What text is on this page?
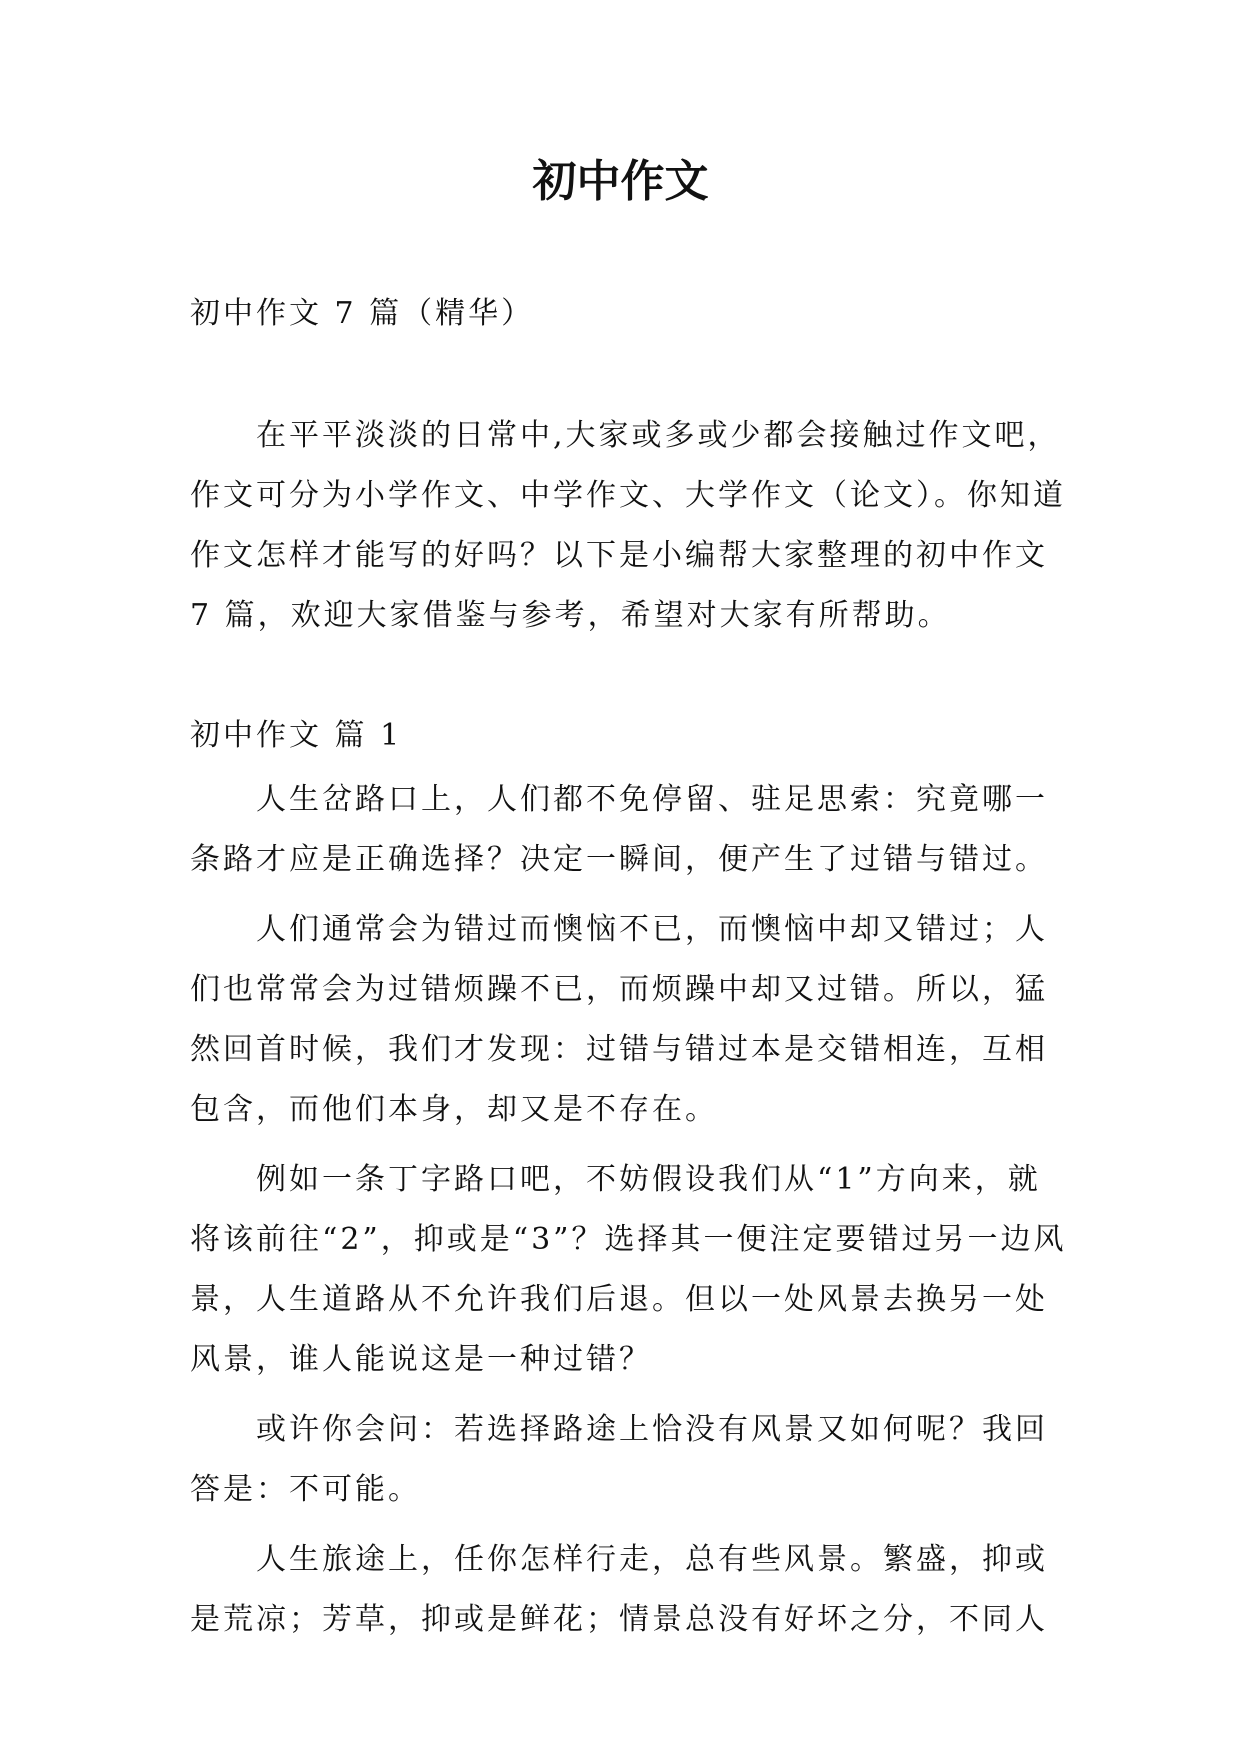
初中作文

初中作文 7 篇（精华）

在平平淡淡的日常中,大家或多或少都会接触过作文吧，作文可分为小学作文、中学作文、大学作文（论文）。你知道作文怎样才能写的好吗？以下是小编帮大家整理的初中作文 7 篇，欢迎大家借鉴与参考，希望对大家有所帮助。

初中作文 篇 1

人生岔路口上，人们都不免停留、驻足思索：究竟哪一条路才应是正确选择？决定一瞬间，便产生了过错与错过。

人们通常会为错过而懊恼不已，而懊恼中却又错过；人们也常常会为过错烦躁不已，而烦躁中却又过错。所以，猛然回首时候，我们才发现：过错与错过本是交错相连，互相包含，而他们本身，却又是不存在。

例如一条丁字路口吧，不妨假设我们从“1”方向来，就将该前往“2”，抑或是“3”？选择其一便注定要错过另一边风景，人生道路从不允许我们后退。但以一处风景去换另一处风景，谁人能说这是一种过错？

或许你会问：若选择路途上恰没有风景又如何呢？我回答是：不可能。

人生旅途上，任你怎样行走，总有些风景。繁盛，抑或是荒凉；芳草，抑或是鲜花；情景总没有好坏之分，不同人
